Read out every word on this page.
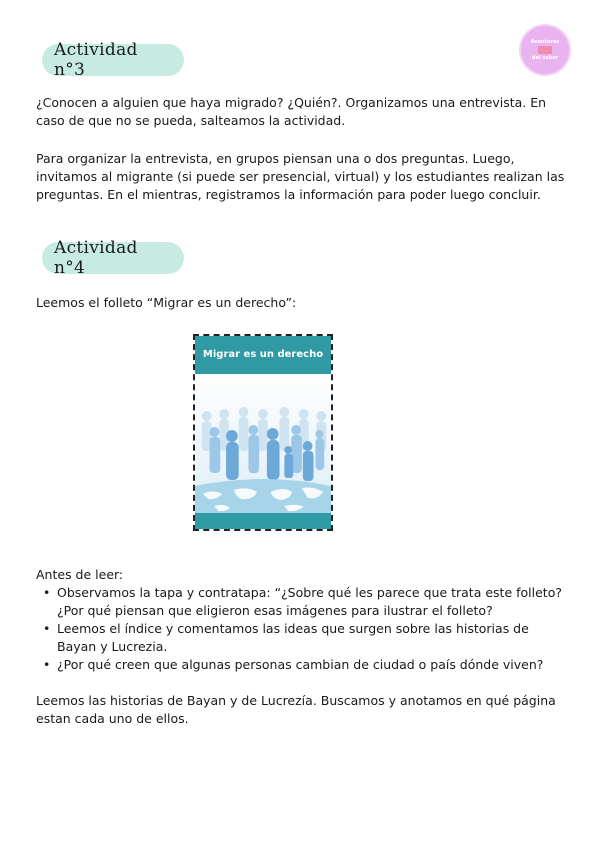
Actividad n°3
Aventuras
del saber

¿Conocen a alguien que haya migrado? ¿Quién?. Organizamos una entrevista. En caso de que no se pueda, salteamos la actividad.

Para organizar la entrevista, en grupos piensan una o dos preguntas. Luego, invitamos al migrante (si puede ser presencial, virtual) y los estudiantes realizan las preguntas. En el mientras, registramos la información para poder luego concluir.

Actividad n°4

Leemos el folleto “Migrar es un derecho”:

Migrar es un derecho

Antes de leer:

• Observamos la tapa y contratapa: “¿Sobre qué les parece que trata este folleto? ¿Por qué piensan que eligieron esas imágenes para ilustrar el folleto?
• Leemos el índice y comentamos las ideas que surgen sobre las historias de Bayan y Lucrezia.
• ¿Por qué creen que algunas personas cambian de ciudad o país dónde viven?

Leemos las historias de Bayan y de Lucrezía. Buscamos y anotamos en qué página estan cada uno de ellos.
